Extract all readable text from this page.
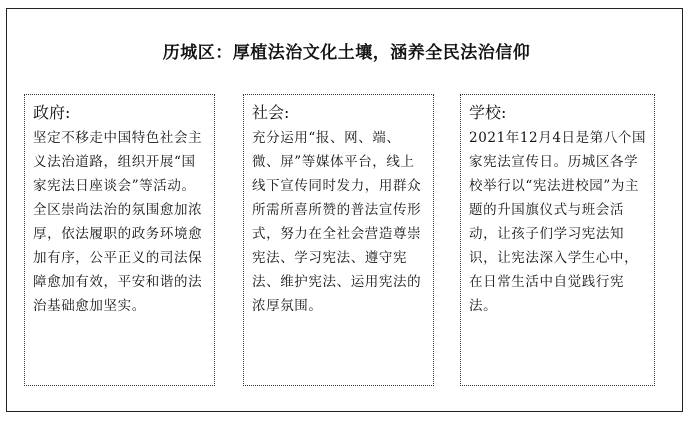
历城区：厚植法治文化土壤，涵养全民法治信仰
政府:
坚定不移走中国特色社会主义法治道路，组织开展“国家宪法日座谈会”等活动。全区崇尚法治的氛围愈加浓厚，依法履职的政务环境愈加有序，公平正义的司法保障愈加有效，平安和谐的法治基础愈加坚实。
社会:
充分运用“报、网、端、微、屏”等媒体平台，线上线下宣传同时发力，用群众所需所喜所赞的普法宣传形式，努力在全社会营造尊崇宪法、学习宪法、遵守宪法、维护宪法、运用宪法的浓厚氛围。
学校:
2021年12月4日是第八个国家宪法宣传日。历城区各学校举行以“宪法进校园”为主题的升国旗仪式与班会活动，让孩子们学习宪法知识，让宪法深入学生心中，在日常生活中自觉践行宪法。
